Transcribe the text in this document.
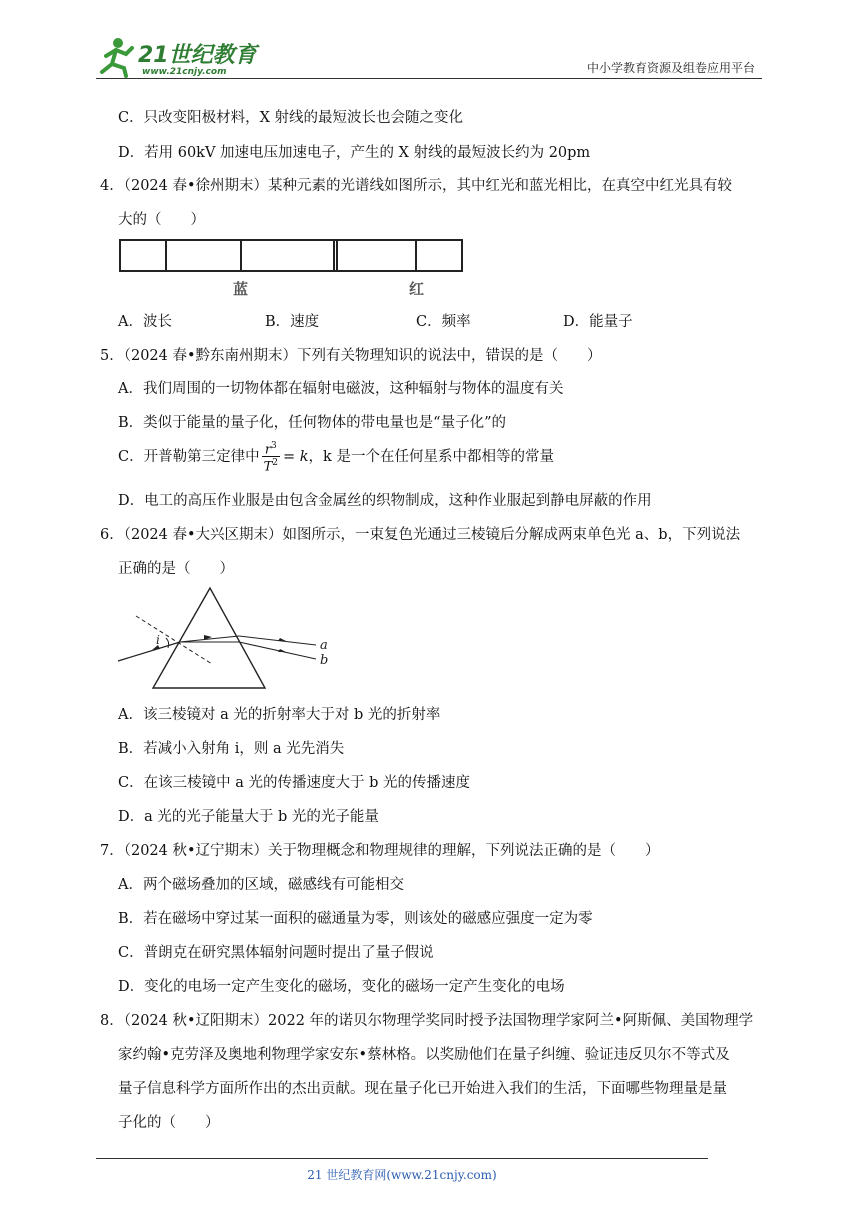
21世纪教育
www.21cnjy.com	中小学教育资源及组卷应用平台
C．只改变阳极材料，X 射线的最短波长也会随之变化
D．若用 60kV 加速电压加速电子，产生的 X 射线的最短波长约为 20pm
4．（2024 春•徐州期末）某种元素的光谱线如图所示，其中红光和蓝光相比，在真空中红光具有较
大的（　　）
蓝	红
A．波长	B．速度	C．频率	D．能量子
5．（2024 春•黔东南州期末）下列有关物理知识的说法中，错误的是（　　）
A．我们周围的一切物体都在辐射电磁波，这种辐射与物体的温度有关
B．类似于能量的量子化，任何物体的带电量也是“量子化”的
C．开普勒第三定律中 $\frac{r^3}{T^2} = k$，k 是一个在任何星系中都相等的常量
D．电工的高压作业服是由包含金属丝的织物制成，这种作业服起到静电屏蔽的作用
6．（2024 春•大兴区期末）如图所示，一束复色光通过三棱镜后分解成两束单色光 a、b，下列说法
正确的是（　　）
i	a
b
A．该三棱镜对 a 光的折射率大于对 b 光的折射率
B．若减小入射角 i，则 a 光先消失
C．在该三棱镜中 a 光的传播速度大于 b 光的传播速度
D．a 光的光子能量大于 b 光的光子能量
7．（2024 秋•辽宁期末）关于物理概念和物理规律的理解，下列说法正确的是（　　）
A．两个磁场叠加的区域，磁感线有可能相交
B．若在磁场中穿过某一面积的磁通量为零，则该处的磁感应强度一定为零
C．普朗克在研究黑体辐射问题时提出了量子假说
D．变化的电场一定产生变化的磁场，变化的磁场一定产生变化的电场
8．（2024 秋•辽阳期末）2022 年的诺贝尔物理学奖同时授予法国物理学家阿兰•阿斯佩、美国物理学
家约翰•克劳泽及奥地利物理学家安东•蔡林格。以奖励他们在量子纠缠、验证违反贝尔不等式及
量子信息科学方面所作出的杰出贡献。现在量子化已开始进入我们的生活，下面哪些物理量是量
子化的（　　）
21 世纪教育网(www.21cnjy.com)
